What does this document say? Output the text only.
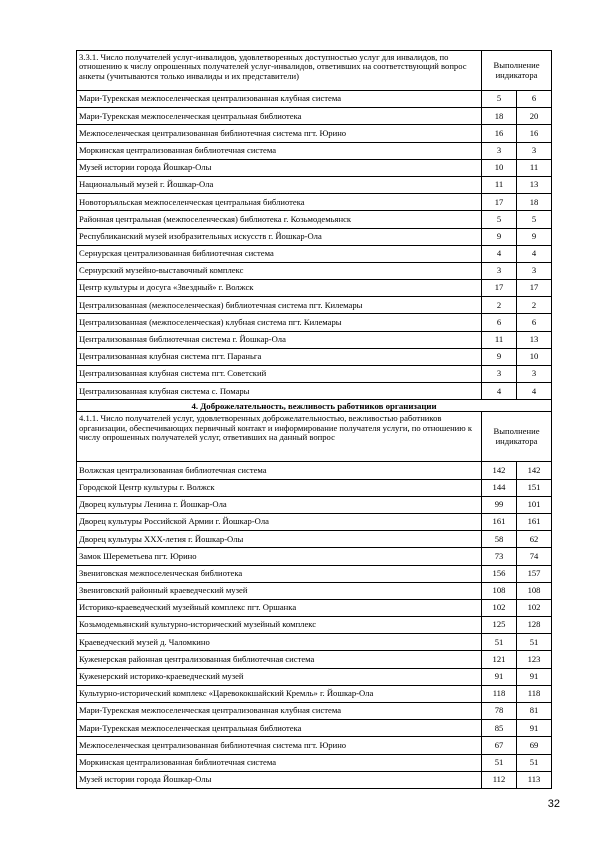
3.3.1. Число получателей услуг-инвалидов, удовлетворенных доступностью услуг для инвалидов, по отношению к числу опрошенных получателей услуг-инвалидов, ответивших на соответствующий вопрос анкеты (учитываются только инвалиды и их представители)	Выполнение индикатора	
Мари-Турекская межпоселенческая централизованная клубная система	5	6
Мари-Турекская межпоселенческая центральная библиотека	18	20
Межпоселенческая централизованная библиотечная система пгт. Юрино	16	16
Моркинская централизованная библиотечная система	3	3
Музей истории города Йошкар-Олы	10	11
Национальный музей г. Йошкар-Ола	11	13
Новоторъяльская межпоселенческая центральная библиотека	17	18
Районная центральная (межпоселенческая) библиотека г. Козьмодемьянск	5	5
Республиканский музей изобразительных искусств г. Йошкар-Ола	9	9
Сернурская централизованная библиотечная система	4	4
Сернурский музейно-выставочный комплекс	3	3
Центр культуры и досуга «Звездный» г. Волжск	17	17
Централизованная (межпоселенческая) библиотечная система пгт. Килемары	2	2
Централизованная (межпоселенческая) клубная система пгт. Килемары	6	6
Централизованная библиотечная система г. Йошкар-Ола	11	13
Централизованная клубная система пгт. Параньга	9	10
Централизованная клубная система пгт. Советский	3	3
Централизованная клубная система с. Помары	4	4
4. Доброжелательность, вежливость работников организации		
4.1.1. Число получателей услуг, удовлетворенных доброжелательностью, вежливостью работников организации, обеспечивающих первичный контакт и информирование получателя услуги, по отношению к числу опрошенных получателей услуг, ответивших на данный вопрос	Выполнение индикатора	
Волжская централизованная библиотечная система	142	142
Городской Центр культуры г. Волжск	144	151
Дворец культуры Ленина г. Йошкар-Ола	99	101
Дворец культуры Российской Армии г. Йошкар-Ола	161	161
Дворец культуры ХХХ-летия г. Йошкар-Олы	58	62
Замок Шереметьева пгт. Юрино	73	74
Звениговская межпоселенческая библиотека	156	157
Звениговский районный краеведческий музей	108	108
Историко-краеведческий музейный комплекс пгт. Оршанка	102	102
Козьмодемьянский культурно-исторический музейный комплекс	125	128
Краеведческий музей д. Чаломкино	51	51
Куженерская районная централизованная библиотечная система	121	123
Куженерский историко-краеведческий музей	91	91
Культурно-исторический комплекс «Царевококшайский Кремль» г. Йошкар-Ола	118	118
Мари-Турекская межпоселенческая централизованная клубная система	78	81
Мари-Турекская межпоселенческая центральная библиотека	85	91
Межпоселенческая централизованная библиотечная система пгт. Юрино	67	69
Моркинская централизованная библиотечная система	51	51
Музей истории города Йошкар-Олы	112	113
32
